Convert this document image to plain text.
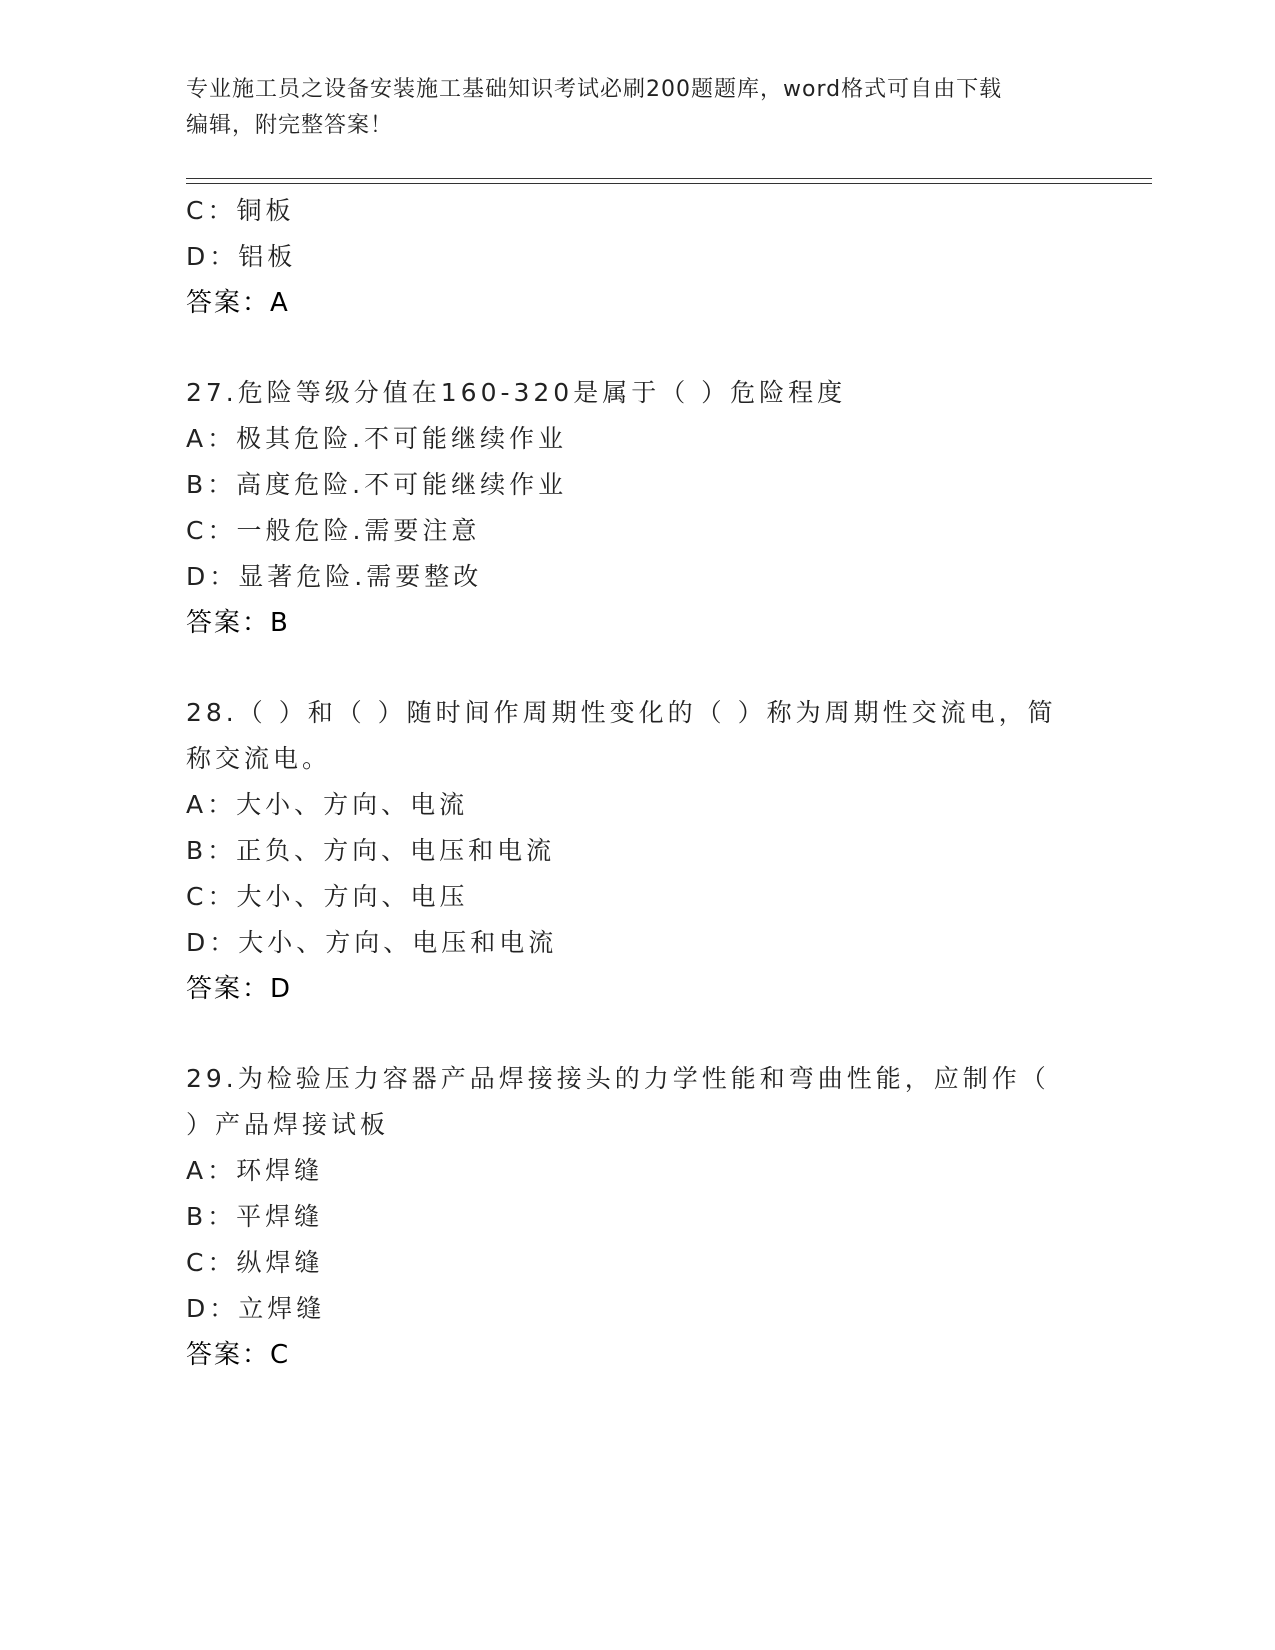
专业施工员之设备安装施工基础知识考试必刷200题题库，word格式可自由下载
编辑，附完整答案！
C：铜板
D：铝板
答案：A
27.危险等级分值在160-320是属于（ ）危险程度
A：极其危险.不可能继续作业
B：高度危险.不可能继续作业
C：一般危险.需要注意
D：显著危险.需要整改
答案：B
28.（ ）和（ ）随时间作周期性变化的（ ）称为周期性交流电，简
称交流电。
A：大小、方向、电流
B：正负、方向、电压和电流
C：大小、方向、电压
D：大小、方向、电压和电流
答案：D
29.为检验压力容器产品焊接接头的力学性能和弯曲性能，应制作（
）产品焊接试板
A：环焊缝
B：平焊缝
C：纵焊缝
D：立焊缝
答案：C
